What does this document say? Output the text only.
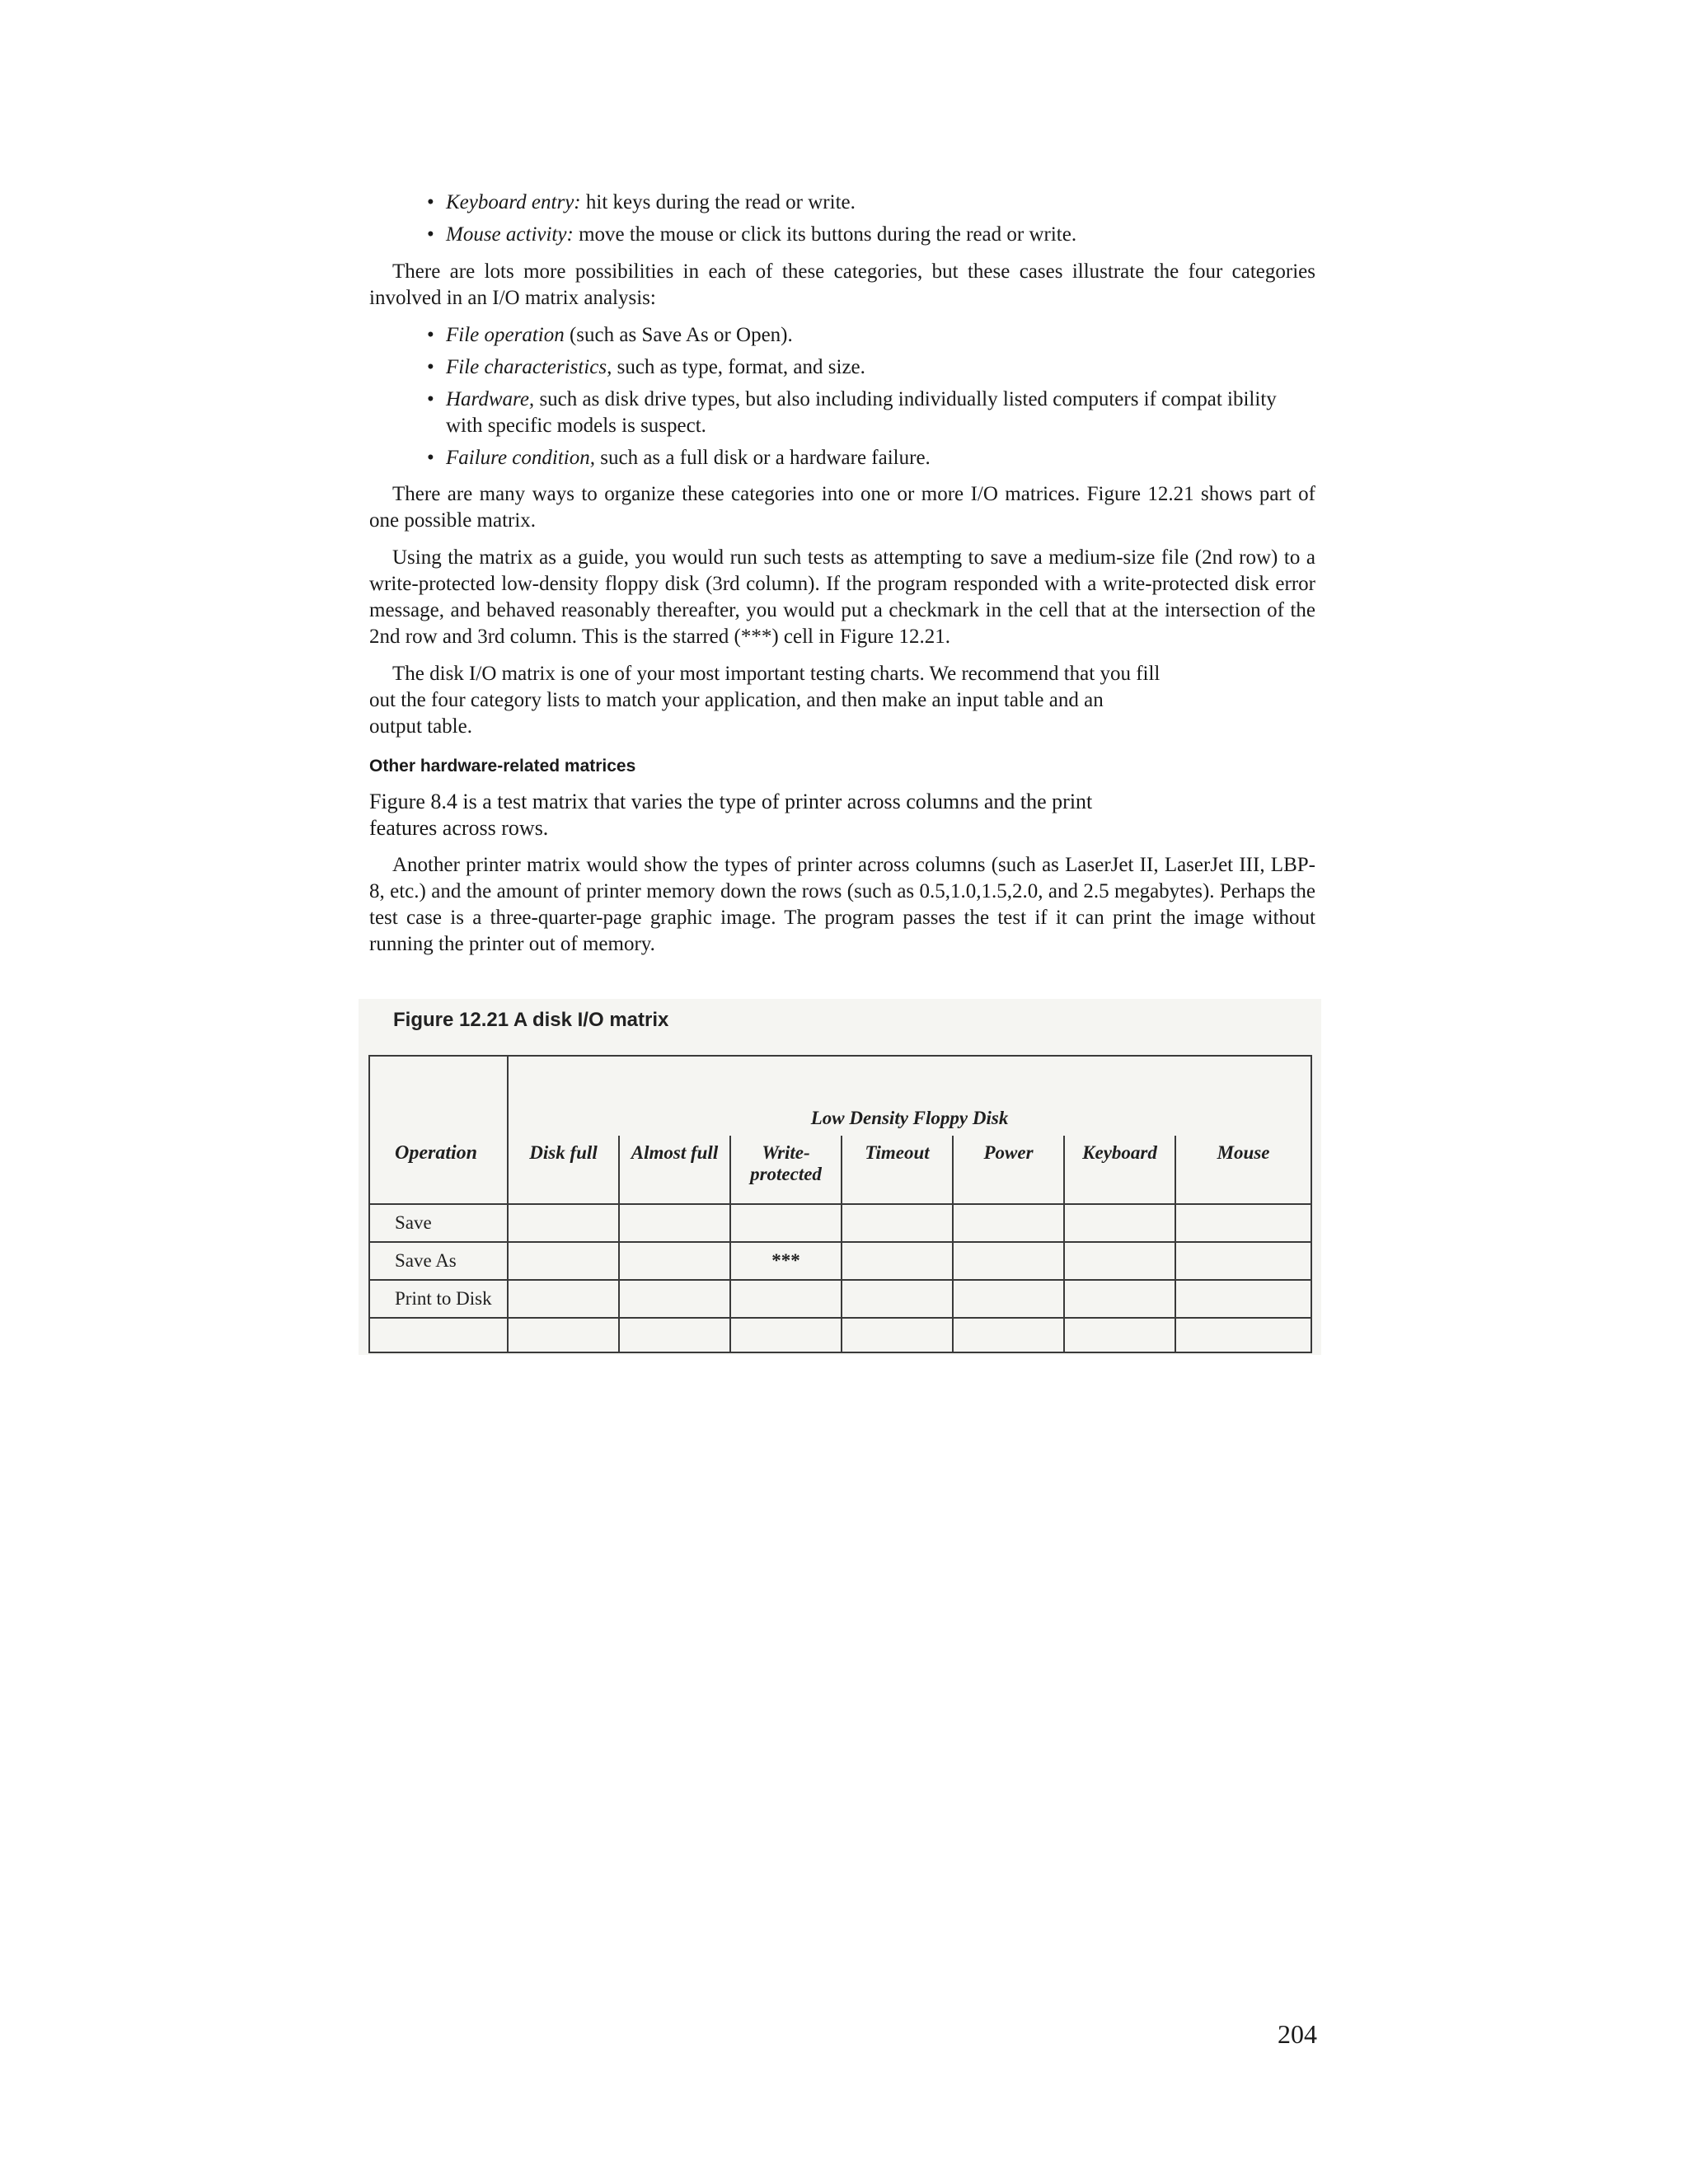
• Keyboard entry: hit keys during the read or write.
• Mouse activity: move the mouse or click its buttons during the read or write.

There are lots more possibilities in each of these categories, but these cases illustrate the four categories involved in an I/O matrix analysis:

• File operation (such as Save As or Open).
• File characteristics, such as type, format, and size.
• Hardware, such as disk drive types, but also including individually listed computers if compat ibility with specific models is suspect.
• Failure condition, such as a full disk or a hardware failure.

There are many ways to organize these categories into one or more I/O matrices. Figure 12.21 shows part of one possible matrix.

Using the matrix as a guide, you would run such tests as attempting to save a medium-size file (2nd row) to a write-protected low-density floppy disk (3rd column). If the program responded with a write-protected disk error message, and behaved reasonably thereafter, you would put a checkmark in the cell that at the intersection of the 2nd row and 3rd column. This is the starred (***) cell in Figure 12.21.

The disk I/O matrix is one of your most important testing charts. We recommend that you fill out the four category lists to match your application, and then make an input table and an output table.

Other hardware-related matrices

Figure 8.4 is a test matrix that varies the type of printer across columns and the print features across rows.

Another printer matrix would show the types of printer across columns (such as LaserJet II, LaserJet III, LBP-8, etc.) and the amount of printer memory down the rows (such as 0.5,1.0,1.5,2.0, and 2.5 megabytes). Perhaps the test case is a three-quarter-page graphic image. The program passes the test if it can print the image without running the printer out of memory.

Figure 12.21 A disk I/O matrix
	Low Density Floppy Disk						
Operation	Disk full	Almost full	Write-protected	Timeout	Power	Keyboard	Mouse
Save							
Save As			***				
Print to Disk							

204
